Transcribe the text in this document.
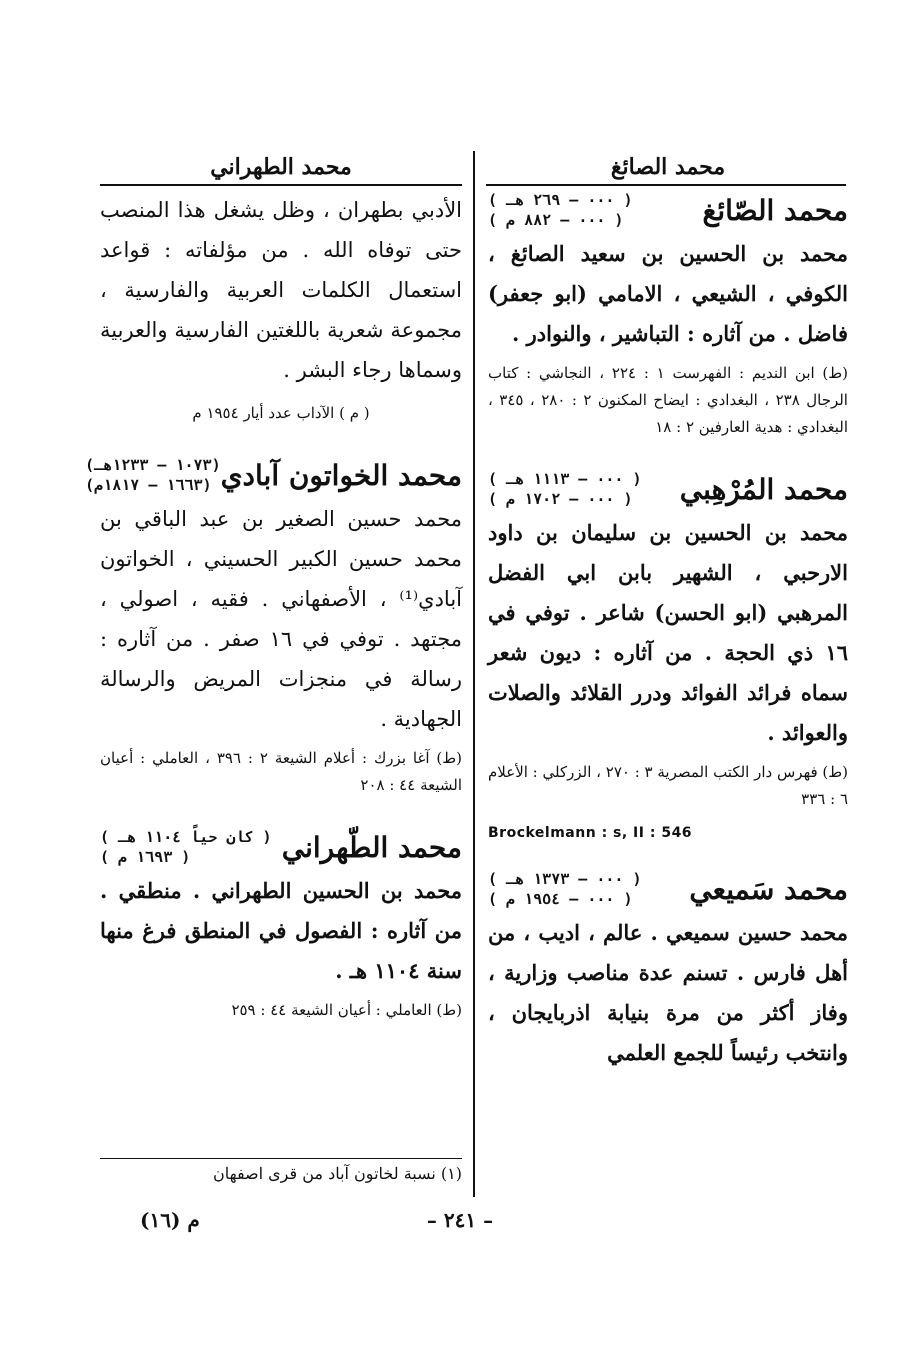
محمد الصائغ
محمد الصّائغ
( ٠٠٠ – ٢٦٩ هـ )
( ٠٠٠ – ٨٨٢ م )

محمد بن الحسين بن سعيد الصائغ ، الكوفي ، الشيعي ، الامامي (ابو جعفر) فاضل . من آثاره : التباشير ، والنوادر .

(ط) ابن النديم : الفهرست ١ : ٢٢٤ ، النجاشي : كتاب الرجال ٢٣٨ ، البغدادي : ايضاح المكنون ٢ : ٢٨٠ ، ٣٤٥ ، البغدادي : هدية العارفين ٢ : ١٨

محمد المُرْهِبي
( ٠٠٠ – ١١١٣ هـ )
( ٠٠٠ – ١٧٠٢ م )

محمد بن الحسين بن سليمان بن داود الارحبي ، الشهير بابن ابي الفضل المرهبي (ابو الحسن) شاعر . توفي في ١٦ ذي الحجة . من آثاره : ديون شعر سماه فرائد الفوائد ودرر القلائد والصلات والعوائد .

(ط) فهرس دار الكتب المصرية ٣ : ٢٧٠ ، الزركلي : الأعلام ٦ : ٣٣٦

Brockelmann : s, II : 546
محمد سَميعي
( ٠٠٠ – ١٣٧٣ هـ )
( ٠٠٠ – ١٩٥٤ م )

محمد حسين سميعي . عالم ، اديب ، من أهل فارس . تسنم عدة مناصب وزارية ، وفاز أكثر من مرة بنيابة اذربايجان ، وانتخب رئيساً للجمع العلمي

محمد الطهراني

الأدبي بطهران ، وظل يشغل هذا المنصب حتى توفاه الله . من مؤلفاته : قواعد استعمال الكلمات العربية والفارسية ، مجموعة شعرية باللغتين الفارسية والعربية وسماها رجاء البشر .

( م ) الآداب عدد أيار ١٩٥٤ م

محمد الخواتون آبادي
(١٠٧٣ – ١٢٣٣هـ)
(١٦٦٣ – ١٨١٧م)

محمد حسين الصغير بن عبد الباقي بن محمد حسين الكبير الحسيني ، الخواتون آبادي⁽¹⁾ ، الأصفهاني . فقيه ، اصولي ، مجتهد . توفي في ١٦ صفر . من آثاره : رسالة في منجزات المريض والرسالة الجهادية .

(ط) آغا بزرك : أعلام الشيعة ٢ : ٣٩٦ ، العاملي : أعيان الشيعة ٤٤ : ٢٠٨

محمد الطّهراني
( كان حياً ١١٠٤ هـ )
( ١٦٩٣ م )

محمد بن الحسين الطهراني . منطقي . من آثاره : الفصول في المنطق فرغ منها سنة ١١٠٤ هـ .

(ط) العاملي : أعيان الشيعة ٤٤ : ٢٥٩

(١) نسبة لخاتون آباد من قرى اصفهان
– ٢٤١ –
م (١٦)
